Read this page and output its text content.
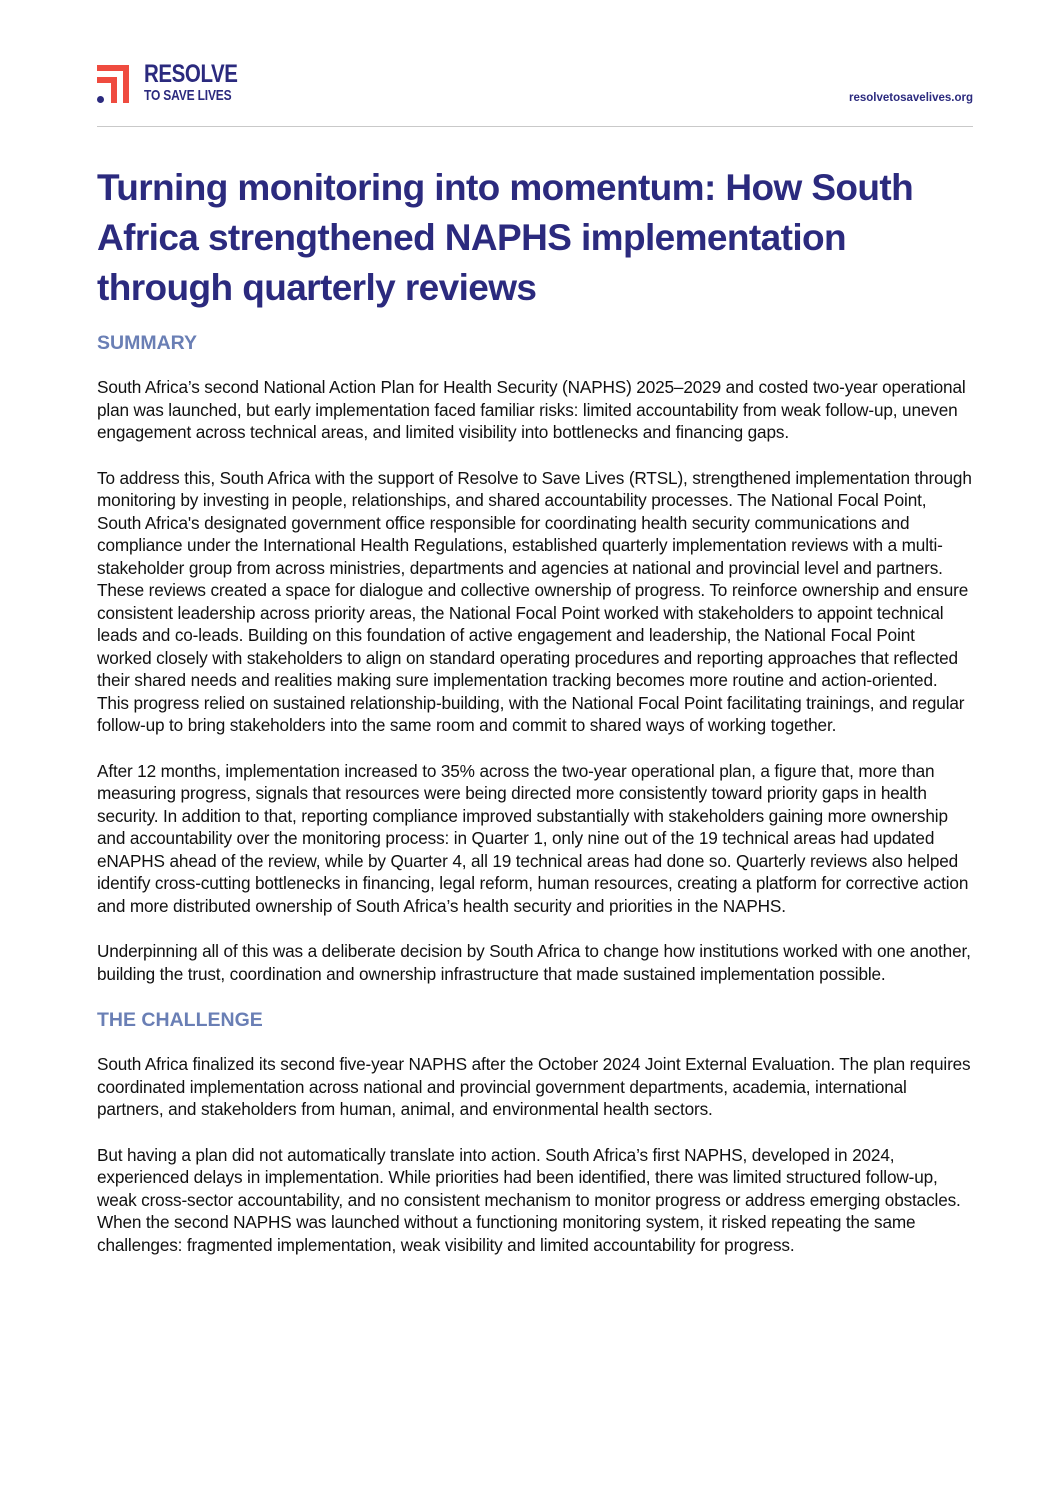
RESOLVE
TO SAVE LIVES	resolvetosavelives.org
Turning monitoring into momentum: How South Africa strengthened NAPHS implementation through quarterly reviews
SUMMARY

South Africa’s second National Action Plan for Health Security (NAPHS) 2025–2029 and costed two-year operational plan was launched, but early implementation faced familiar risks: limited accountability from weak follow-up, uneven engagement across technical areas, and limited visibility into bottlenecks and financing gaps.

To address this, South Africa with the support of Resolve to Save Lives (RTSL), strengthened implementation through monitoring by investing in people, relationships, and shared accountability processes. The National Focal Point, South Africa's designated government office responsible for coordinating health security communications and compliance under the International Health Regulations, established quarterly implementation reviews with a multi-stakeholder group from across ministries, departments and agencies at national and provincial level and partners. These reviews created a space for dialogue and collective ownership of progress. To reinforce ownership and ensure consistent leadership across priority areas, the National Focal Point worked with stakeholders to appoint technical leads and co-leads. Building on this foundation of active engagement and leadership, the National Focal Point worked closely with stakeholders to align on standard operating procedures and reporting approaches that reflected their shared needs and realities making sure implementation tracking becomes more routine and action-oriented. This progress relied on sustained relationship-building, with the National Focal Point facilitating trainings, and regular follow-up to bring stakeholders into the same room and commit to shared ways of working together.

After 12 months, implementation increased to 35% across the two-year operational plan, a figure that, more than measuring progress, signals that resources were being directed more consistently toward priority gaps in health security. In addition to that, reporting compliance improved substantially with stakeholders gaining more ownership and accountability over the monitoring process: in Quarter 1, only nine out of the 19 technical areas had updated eNAPHS ahead of the review, while by Quarter 4, all 19 technical areas had done so. Quarterly reviews also helped identify cross-cutting bottlenecks in financing, legal reform, human resources, creating a platform for corrective action and more distributed ownership of South Africa’s health security and priorities in the NAPHS.

Underpinning all of this was a deliberate decision by South Africa to change how institutions worked with one another, building the trust, coordination and ownership infrastructure that made sustained implementation possible.

THE CHALLENGE

South Africa finalized its second five-year NAPHS after the October 2024 Joint External Evaluation. The plan requires coordinated implementation across national and provincial government departments, academia, international partners, and stakeholders from human, animal, and environmental health sectors.

But having a plan did not automatically translate into action. South Africa’s first NAPHS, developed in 2024, experienced delays in implementation. While priorities had been identified, there was limited structured follow-up, weak cross-sector accountability, and no consistent mechanism to monitor progress or address emerging obstacles. When the second NAPHS was launched without a functioning monitoring system, it risked repeating the same challenges: fragmented implementation, weak visibility and limited accountability for progress.
